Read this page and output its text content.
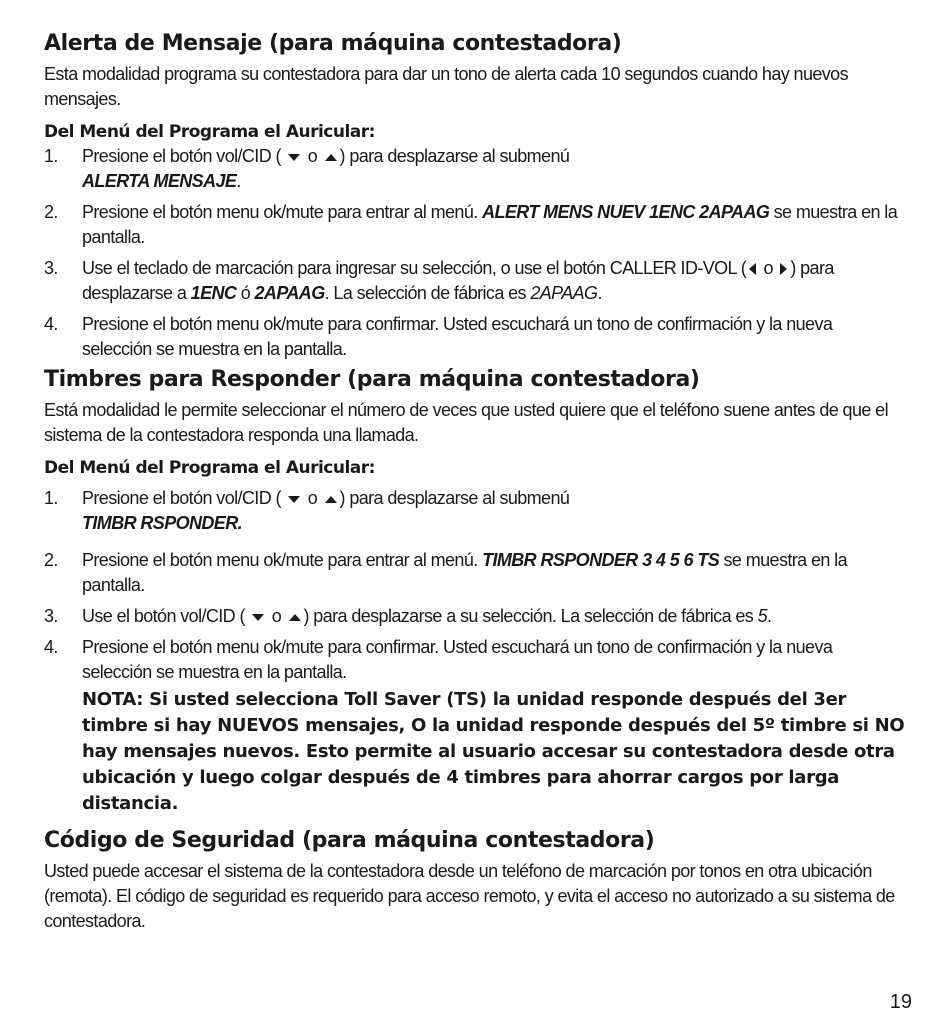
Alerta de Mensaje (para máquina contestadora)

Esta modalidad programa su contestadora para dar un tono de alerta cada 10 segundos cuando hay nuevos mensajes.

Del Menú del Programa el Auricular:
1. Presione el botón vol/CID ( o ) para desplazarse al submenú
ALERTA MENSAJE.
2. Presione el botón menu ok/mute para entrar al menú. ALERT MENS NUEV 1ENC 2APAAG se muestra en la pantalla.
3. Use el teclado de marcación para ingresar su selección, o use el botón CALLER ID-VOL ( o ) para desplazarse a 1ENC ó 2APAAG. La selección de fábrica es 2APAAG.
4. Presione el botón menu ok/mute para confirmar. Usted escuchará un tono de confirmación y la nueva selección se muestra en la pantalla.
Timbres para Responder (para máquina contestadora)

Está modalidad le permite seleccionar el número de veces que usted quiere que el teléfono suene antes de que el sistema de la contestadora responda una llamada.

Del Menú del Programa el Auricular:
1. Presione el botón vol/CID ( o ) para desplazarse al submenú
TIMBR RSPONDER.
2. Presione el botón menu ok/mute para entrar al menú. TIMBR RSPONDER 3 4 5 6 TS se muestra en la pantalla.
3. Use el botón vol/CID ( o ) para desplazarse a su selección. La selección de fábrica es 5.
4. Presione el botón menu ok/mute para confirmar. Usted escuchará un tono de confirmación y la nueva selección se muestra en la pantalla.
NOTA: Si usted selecciona Toll Saver (TS) la unidad responde después del 3er timbre si hay NUEVOS mensajes, O la unidad responde después del 5º timbre si NO hay mensajes nuevos. Esto permite al usuario accesar su contestadora desde otra ubicación y luego colgar después de 4 timbres para ahorrar cargos por larga distancia.
Código de Seguridad (para máquina contestadora)

Usted puede accesar el sistema de la contestadora desde un teléfono de marcación por tonos en otra ubicación (remota). El código de seguridad es requerido para acceso remoto, y evita el acceso no autorizado a su sistema de contestadora.

19
